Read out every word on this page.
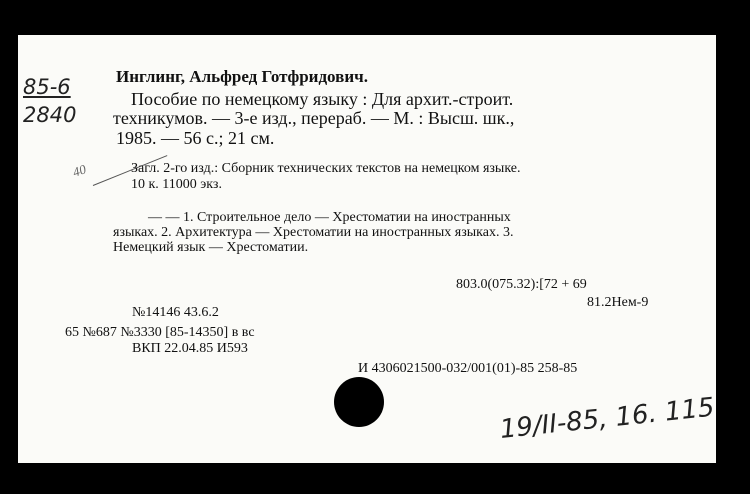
85-6
2840
40
Инглинг, Альфред Готфридович.
Пособие по немецкому языку : Для архит.-строит.
техникумов. — 3-е изд., перераб. — М. : Высш. шк.,
1985. — 56 с.; 21 см.
Загл. 2-го изд.: Сборник технических текстов на немецком языке.
10 к. 11000 экз.
— — 1. Строительное дело — Хрестоматии на иностранных
языках. 2. Архитектура — Хрестоматии на иностранных языках. 3.
Немецкий язык — Хрестоматии.
803.0(075.32):[72 + 69
81.2Нем-9
№14146 43.6.2
65 №687 №3330 [85-14350] в вс
ВКП 22.04.85 И593
И 4306021500-032/001(01)-85 258-85
19/II-85, 16. 115
